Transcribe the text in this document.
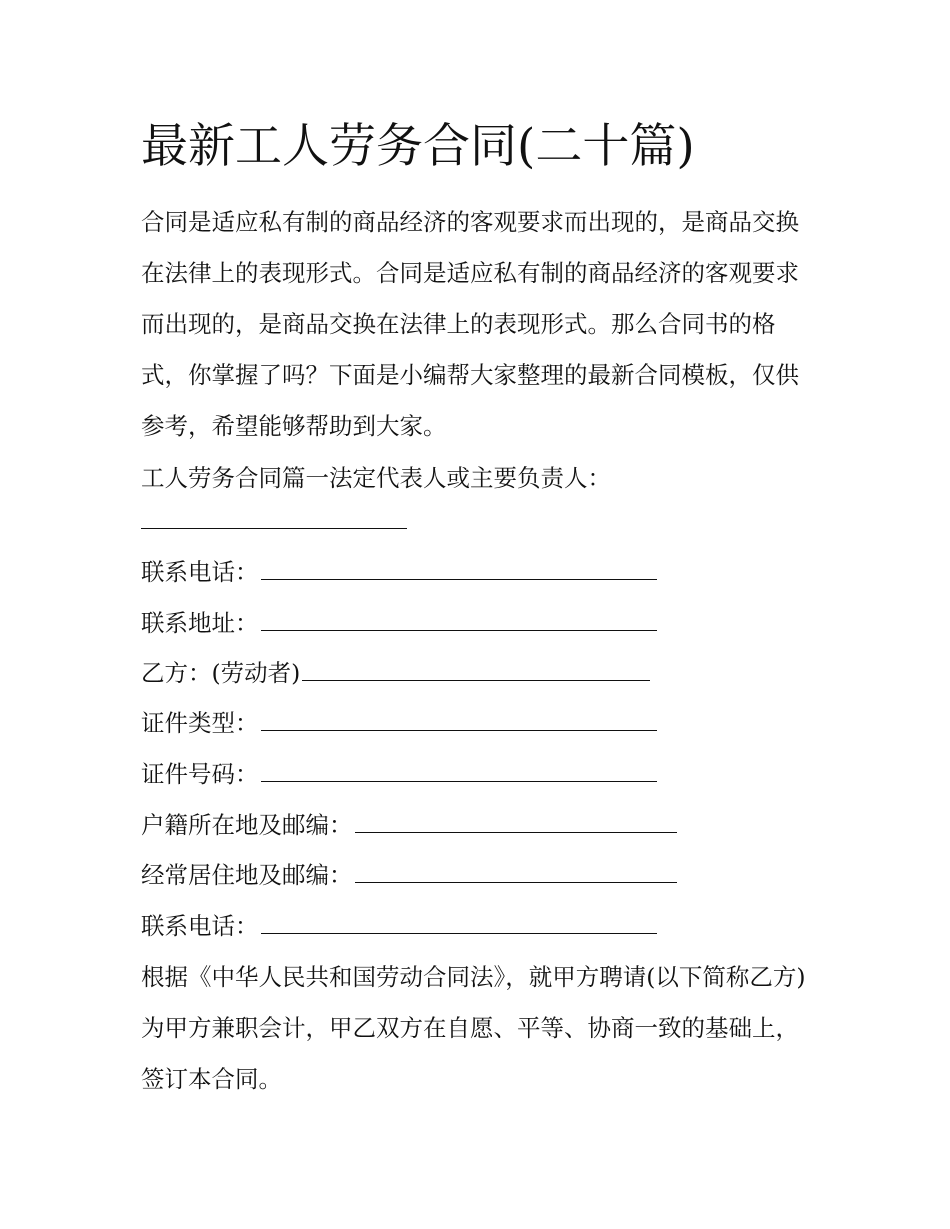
最新工人劳务合同(二十篇)

合同是适应私有制的商品经济的客观要求而出现的，是商品交换在法律上的表现形式。合同是适应私有制的商品经济的客观要求而出现的，是商品交换在法律上的表现形式。那么合同书的格式，你掌握了吗？下面是小编帮大家整理的最新合同模板，仅供参考，希望能够帮助到大家。

工人劳务合同篇一法定代表人或主要负责人：

联系电话：

联系地址：

乙方：(劳动者)

证件类型：

证件号码：

户籍所在地及邮编：

经常居住地及邮编：

联系电话：

根据《中华人民共和国劳动合同法》，就甲方聘请(以下简称乙方)为甲方兼职会计，甲乙双方在自愿、平等、协商一致的基础上，签订本合同。
